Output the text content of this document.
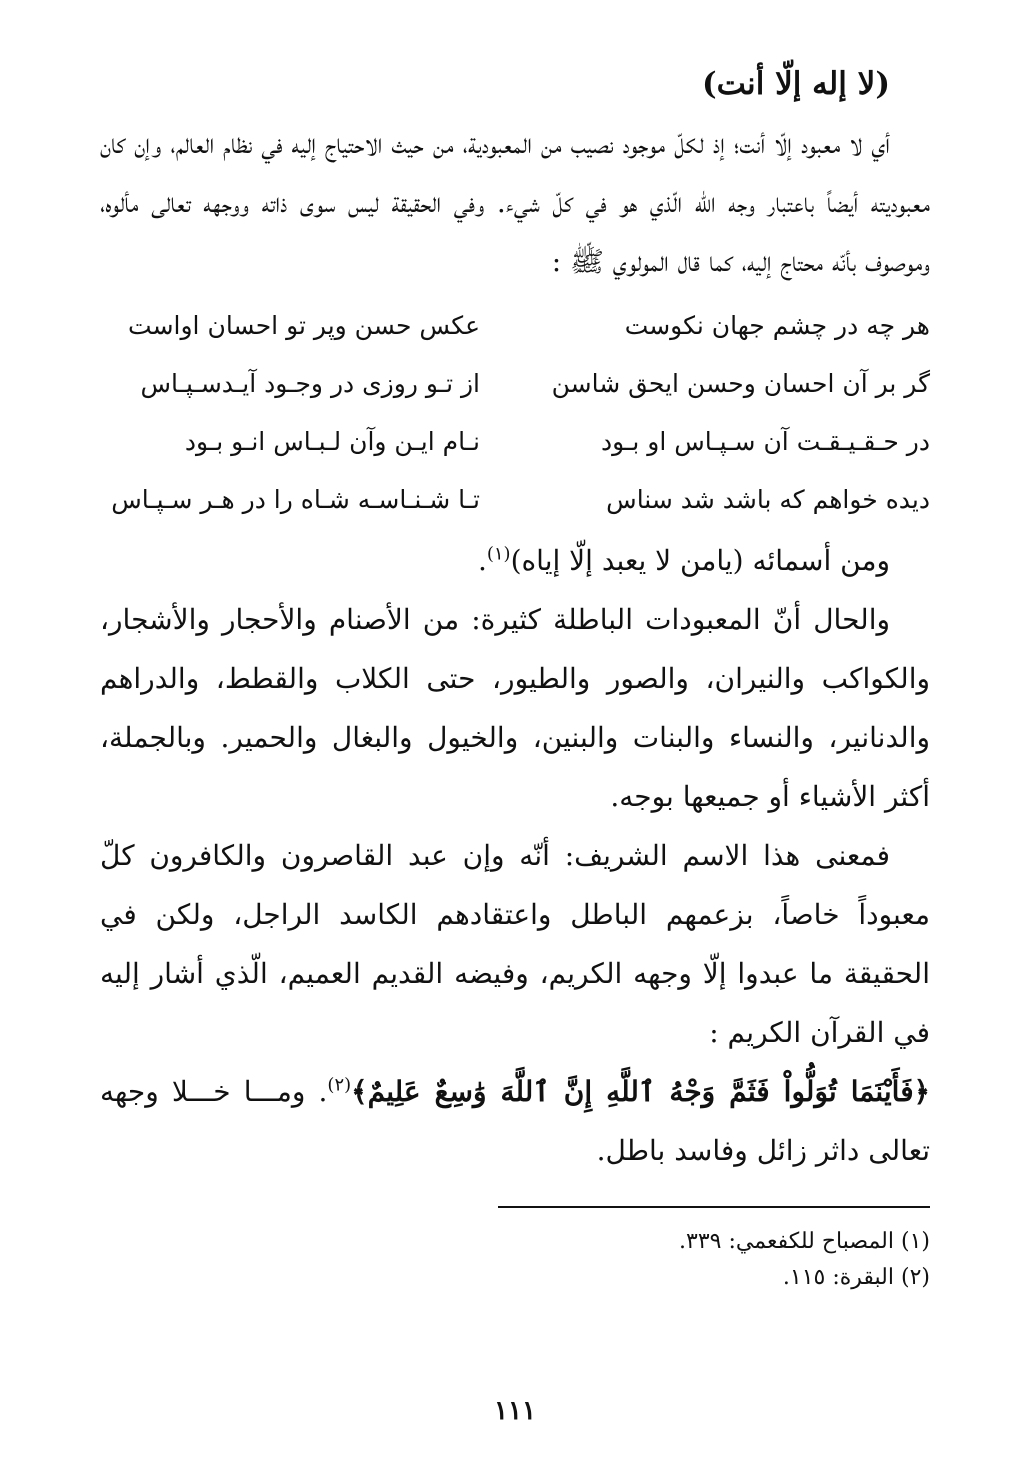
(لا إله إلّا أنت)

أي لا معبود إلّا أنت؛ إذ لكلّ موجود نصيب من المعبودية، من حيث الاحتياج إليه في نظام العالم، وإن كان معبوديته أيضاً باعتبار وجه الله الّذي هو في كلّ شيء. وفي الحقيقة ليس سوى ذاته ووجهه تعالى مألوه، وموصوف بأنّه محتاج إليه، كما قال المولوي ﷺ :

هر چه در چشم جهان نكوست
عكس حسن وپر تو احسان اواست
گر بر آن احسان وحسن ايحق شاسن
از تـو روزى در وجـود آيـدسـپـاس
در حـقـيـقـت آن سـپـاس او بـود
نـام ايـن وآن لـبـاس انـو بـود
ديده خواهم كه باشد شد سناس
تـا شـنـاسـه شـاه را در هـر سـپـاس

ومن أسمائه (يامن لا يعبد إلّا إياه)$^{(١)}$.

والحال أنّ المعبودات الباطلة كثيرة: من الأصنام والأحجار والأشجار، والكواكب والنيران، والصور والطيور، حتى الكلاب والقطط، والدراهم والدنانير، والنساء والبنات والبنين، والخيول والبغال والحمير. وبالجملة، أكثر الأشياء أو جميعها بوجه.

فمعنى هذا الاسم الشريف: أنّه وإن عبد القاصرون والكافرون كلّ معبوداً خاصاً، بزعمهم الباطل واعتقادهم الكاسد الراجل، ولكن في الحقيقة ما عبدوا إلّا وجهه الكريم، وفيضه القديم العميم، الّذي أشار إليه في القرآن الكريم :

﴿فَأَيْنَمَا تُوَلُّواْ فَثَمَّ وَجْهُ ٱللَّهِ إِنَّ ٱللَّهَ وَٰسِعٌ عَلِيمٌ﴾$^{(٢)}$. ومـــا خـــلا وجهه تعالى داثر زائل وفاسد باطل.

(١) المصباح للكفعمي: ٣٣٩.

(٢) البقرة: ١١٥.

١١١
